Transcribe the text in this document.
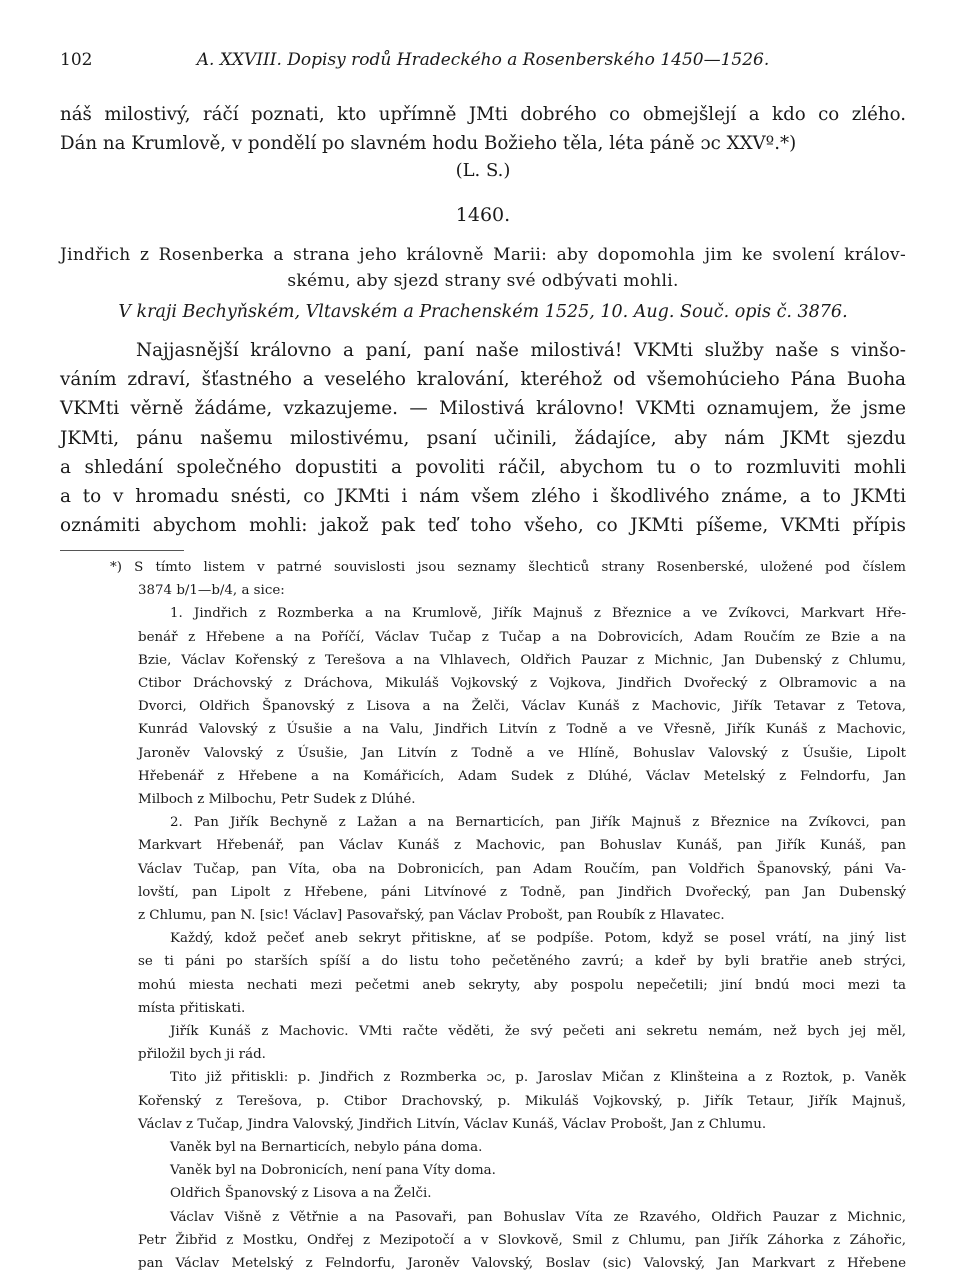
102	A. XXVIII. Dopisy rodů Hradeckého a Rosenberského 1450—1526.
náš milostivý, ráčí poznati, kto upřímně JMti dobrého co obmejšlejí a kdo co zlého.
Dán na Krumlově, v pondělí po slavném hodu Božieho těla, léta páně ɔc XXVº.*)
(L. S.)
1460.
Jindřich z Rosenberka a strana jeho královně Marii: aby dopomohla jim ke svolení králov-
skému, aby sjezd strany své odbývati mohli.
V kraji Bechyňském, Vltavském a Prachenském 1525, 10. Aug. Souč. opis č. 3876.
Najjasnější královno a paní, paní naše milostivá! VKMti služby naše s vinšo-
váním zdraví, šťastného a veselého kralování, kteréhož od všemohúcieho Pána Buoha
VKMti věrně žádáme, vzkazujeme. — Milostivá královno! VKMti oznamujem, že jsme
JKMti, pánu našemu milostivému, psaní učinili, žádajíce, aby nám JKMt sjezdu
a shledání společného dopustiti a povoliti ráčil, abychom tu o to rozmluviti mohli
a to v hromadu snésti, co JKMti i nám všem zlého i škodlivého známe, a to JKMti
oznámiti abychom mohli: jakož pak teď toho všeho, co JKMti píšeme, VKMti přípis
*) S tímto listem v patrné souvislosti jsou seznamy šlechticů strany Rosenberské, uložené pod číslem
3874 b/1—b/4, a sice:
1. Jindřich z Rozmberka a na Krumlově, Jiřík Majnuš z Březnice a ve Zvíkovci, Markvart Hře-
benář z Hřebene a na Poříčí, Václav Tučap z Tučap a na Dobrovicích, Adam Roučím ze Bzie a na
Bzie, Václav Kořenský z Terešova a na Vlhlavech, Oldřich Pauzar z Michnic, Jan Dubenský z Chlumu,
Ctibor Dráchovský z Dráchova, Mikuláš Vojkovský z Vojkova, Jindřich Dvořecký z Olbramovic a na
Dvorci, Oldřich Španovský z Lisova a na Želči, Václav Kunáš z Machovic, Jiřík Tetavar z Tetova,
Kunrád Valovský z Úsušie a na Valu, Jindřich Litvín z Todně a ve Vřesně, Jiřík Kunáš z Machovic,
Jaroněv Valovský z Úsušie, Jan Litvín z Todně a ve Hlíně, Bohuslav Valovský z Úsušie, Lipolt
Hřebenář z Hřebene a na Komářicích, Adam Sudek z Dlúhé, Václav Metelský z Felndorfu, Jan
Milboch z Milbochu, Petr Sudek z Dlúhé.
2. Pan Jiřík Bechyně z Lažan a na Bernarticích, pan Jiřík Majnuš z Březnice na Zvíkovci, pan
Markvart Hřebenář, pan Václav Kunáš z Machovic, pan Bohuslav Kunáš, pan Jiřík Kunáš, pan
Václav Tučap, pan Víta, oba na Dobronicích, pan Adam Roučím, pan Voldřich Španovský, páni Va-
lovští, pan Lipolt z Hřebene, páni Litvínové z Todně, pan Jindřich Dvořecký, pan Jan Dubenský
z Chlumu, pan N. [sic! Václav] Pasovařský, pan Václav Probošt, pan Roubík z Hlavatec.
Každý, kdož pečeť aneb sekryt přitiskne, ať se podpíše. Potom, když se posel vrátí, na jiný list
se ti páni po starších spíší a do listu toho pečetěného zavrú; a kdeř by byli bratřie aneb strýci,
mohú miesta nechati mezi pečetmi aneb sekryty, aby pospolu nepečetili; jiní bndú moci mezi ta
místa přitiskati.
Jiřík Kunáš z Machovic. VMti račte věděti, že svý pečeti ani sekretu nemám, než bych jej měl,
přiložil bych ji rád.
Tito již přitiskli: p. Jindřich z Rozmberka ɔc, p. Jaroslav Mičan z Klinšteina a z Roztok, p. Vaněk
Kořenský z Terešova, p. Ctibor Drachovský, p. Mikuláš Vojkovský, p. Jiřík Tetaur, Jiřík Majnuš,
Václav z Tučap, Jindra Valovský, Jindřich Litvín, Václav Kunáš, Václav Probošt, Jan z Chlumu.
Vaněk byl na Bernarticích, nebylo pána doma.
Vaněk byl na Dobronicích, není pana Víty doma.
Oldřich Španovský z Lisova a na Želči.
Václav Višně z Větřnie a na Pasovaři, pan Bohuslav Víta ze Rzavého, Oldřich Pauzar z Michnic,
Petr Žibřid z Mostku, Ondřej z Mezipotočí a v Slovkově, Smil z Chlumu, pan Jiřík Záhorka z Záhořic,
pan Václav Metelský z Felndorfu, Jaroněv Valovský, Boslav (sic) Valovský, Jan Markvart z Hřebene
